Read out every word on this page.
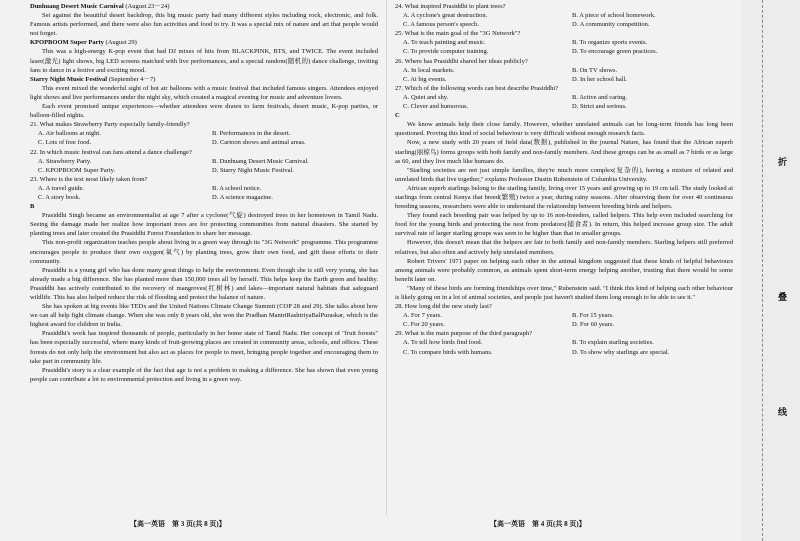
Dunhuang Desert Music Carnival (August 23－24)

Set against the beautiful desert backdrop, this big music party had many different styles including rock, electronic, and folk. Famous artists performed, and there were also fun activities and food to try. It was a special mix of nature and art that people would not forget.

KPOPBOOM Super Party (August 29)

This was a high-energy K-pop event that had DJ mixes of hits from BLACKPINK, BTS, and TWICE. The event included laser(激光) light shows, big LED screens matched with live performances, and a special random(随机的) dance challenge, inviting fans to dance in a festive and exciting mood.

Starry Night Music Festival (September 4－7)

This event mixed the wonderful sight of hot air balloons with a music festival that included famous singers. Attendees enjoyed light shows and live performances under the night sky, which created a magical evening for music and adventure lovers.

Each event promised unique experiences—whether attendees were drawn to farm festivals, desert music, K-pop parties, or balloon-filled nights.

21. What makes Strawberry Party especially family-friendly?

A. Air balloons at night.	B. Performances in the desert.
C. Lots of free food.	D. Cartoon shows and animal areas.

22. In which music festival can fans attend a dance challenge?

A. Strawberry Party.	B. Dunhuang Desert Music Carnival.
C. KPOPBOOM Super Party.	D. Starry Night Music Festival.

23. Where is the text most likely taken from?

A. A travel guide.	B. A school notice.
C. A story book.	D. A science magazine.

B

Prasiddhi Singh became an environmentalist at age 7 after a cyclone(气旋) destroyed trees in her hometown in Tamil Nadu. Seeing the damage made her realize how important trees are for protecting communities from natural disasters. She started by planting trees and later created the Prasiddhi Forest Foundation to share her message.

This non-profit organization teaches people about living in a green way through its "3G Network" programme. This programme encourages people to produce their own oxygen(氧气) by planting trees, grow their own food, and gift these efforts to their community.

Prasiddhi is a young girl who has done many great things to help the environment. Even though she is still very young, she has already made a big difference. She has planted more than 150,000 trees all by herself. This helps keep the Earth green and healthy. Prasiddhi has actively contributed to the recovery of mangroves(红树林) and lakes—important natural habitats that safeguard wildlife. This has also helped reduce the risk of flooding and protect the balance of nature.

She has spoken at big events like TEDx and the United Nations Climate Change Summit (COP 28 and 29). She talks about how we can all help fight climate change. When she was only 8 years old, she won the Pradhan MantriRashtriyaBalPuraskar, which is the highest award for children in India.

Prasiddhi's work has inspired thousands of people, particularly in her home state of Tamil Nadu. Her concept of "fruit forests" has been especially successful, where many kinds of fruit-growing places are created in community areas, schools, and offices. These forests do not only help the environment but also act as places for people to meet, bringing people together and encouraging them to take part in community life.

Prasiddhi's story is a clear example of the fact that age is not a problem to making a difference. She has shown that even young people can contribute a lot to environmental protection and living in a green way.

24. What inspired Prasiddhi to plant trees?

A. A cyclone's great destruction.	B. A piece of school homework.
C. A famous person's speech.	D. A community competition.

25. What is the main goal of the "3G Network"?

A. To teach painting and music.	B. To organize sports events.
C. To provide computer training.	D. To encourage green practices.

26. Where has Prasiddhi shared her ideas publicly?

A. In local markets.	B. On TV shows.
C. At big events.	D. In her school hall.

27. Which of the following words can best describe Prasiddhi?

A. Quiet and shy.	B. Active and caring.
C. Clever and humorous.	D. Strict and serious.

C

We know animals help their close family. However, whether unrelated animals can be long-term friends has long been questioned. Proving this kind of social behaviour is very difficult without enough research facts.

Now, a new study with 20 years of field data(数据), published in the journal Nature, has found that the African superb starling(丽椋鸟) forms groups with both family and non-family members. And these groups can be as small as 7 birds or as large as 60, and they live much like humans do.

"Starling societies are not just simple families, they're much more complex(复杂的), having a mixture of related and unrelated birds that live together," explains Professor Dustin Rubenstein of Columbia University.

African superb starlings belong to the starling family, living over 15 years and growing up to 19 cm tall. The study looked at starlings from central Kenya that breed(繁殖) twice a year, during rainy seasons. After observing them for over 40 continuous breeding seasons, researchers were able to understand the relationship between breeding birds and helpers.

They found each breeding pair was helped by up to 16 non-breeders, called helpers. This help even included searching for food for the young birds and protecting the nest from predators(捕食者). In return, this helped increase group size. The adult survival rate of larger starling groups was seen to be higher than that in smaller groups.

However, this doesn't mean that the helpers are fair to both family and non-family members. Starling helpers still preferred relatives, but also often and actively help unrelated members.

Robert Trivers' 1971 paper on helping each other in the animal kingdom suggested that these kinds of helpful behaviours among animals were probably common, as animals spent short-term energy helping another, trusting that there would be some benefit later on.

"Many of these birds are forming friendships over time," Rubenstein said. "I think this kind of helping each other behaviour is likely going on in a lot of animal societies, and people just haven't studied them long enough to be able to see it."

28. How long did the new study last?

A. For 7 years.	B. For 15 years.
C. For 20 years.	D. For 60 years.

29. What is the main purpose of the third paragraph?

A. To tell how birds find food.	B. To explain starling societies.
C. To compare birds with humans.	D. To show why starlings are special.
【高一英语　第 3 页(共 8 页)】	【高一英语　第 4 页(共 8 页)】
折
叠
线
